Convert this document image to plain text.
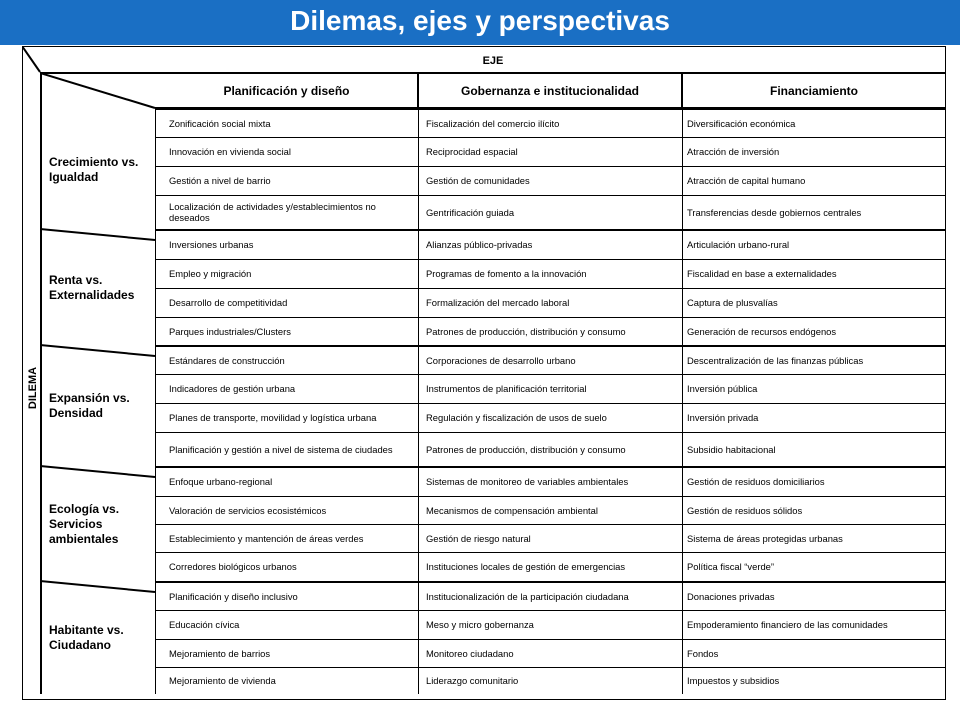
Dilemas, ejes y perspectivas
EJE
DILEMA
Planificación y diseño	Gobernanza e institucionalidad	Financiamiento
Crecimiento vs. Igualdad
Zonificación social mixta	Fiscalización del comercio ilícito	Diversificación económica
Innovación en vivienda social	Reciprocidad espacial	Atracción de inversión
Gestión a nivel de barrio	Gestión de comunidades	Atracción de capital humano
Localización de actividades y/establecimientos no deseados	Gentrificación guiada	Transferencias desde gobiernos centrales
Renta vs. Externalidades
Inversiones urbanas	Alianzas público-privadas	Articulación urbano-rural
Empleo y migración	Programas de fomento a la innovación	Fiscalidad en base a externalidades
Desarrollo de competitividad	Formalización del mercado laboral	Captura de plusvalías
Parques industriales/Clusters	Patrones de producción, distribución y consumo	Generación de recursos endógenos
Expansión vs. Densidad
Estándares de construcción	Corporaciones de desarrollo urbano	Descentralización de las finanzas públicas
Indicadores de gestión urbana	Instrumentos de planificación territorial	Inversión pública
Planes de transporte, movilidad y logística urbana	Regulación y fiscalización de usos de suelo	Inversión privada
Planificación y gestión a nivel de sistema de ciudades	Patrones de producción, distribución y consumo	Subsidio habitacional
Ecología vs. Servicios ambientales
Enfoque urbano-regional	Sistemas de monitoreo de variables ambientales	Gestión de residuos domiciliarios
Valoración de servicios ecosistémicos	Mecanismos de compensación ambiental	Gestión de residuos sólidos
Establecimiento y mantención de áreas verdes	Gestión de riesgo natural	Sistema de áreas protegidas urbanas
Corredores biológicos urbanos	Instituciones locales de gestión de emergencias	Política fiscal “verde”
Habitante vs. Ciudadano
Planificación y diseño inclusivo	Institucionalización de la participación ciudadana	Donaciones privadas
Educación cívica	Meso y micro gobernanza	Empoderamiento financiero de las comunidades
Mejoramiento de barrios	Monitoreo ciudadano	Fondos
Mejoramiento de vivienda	Liderazgo comunitario	Impuestos y subsidios
